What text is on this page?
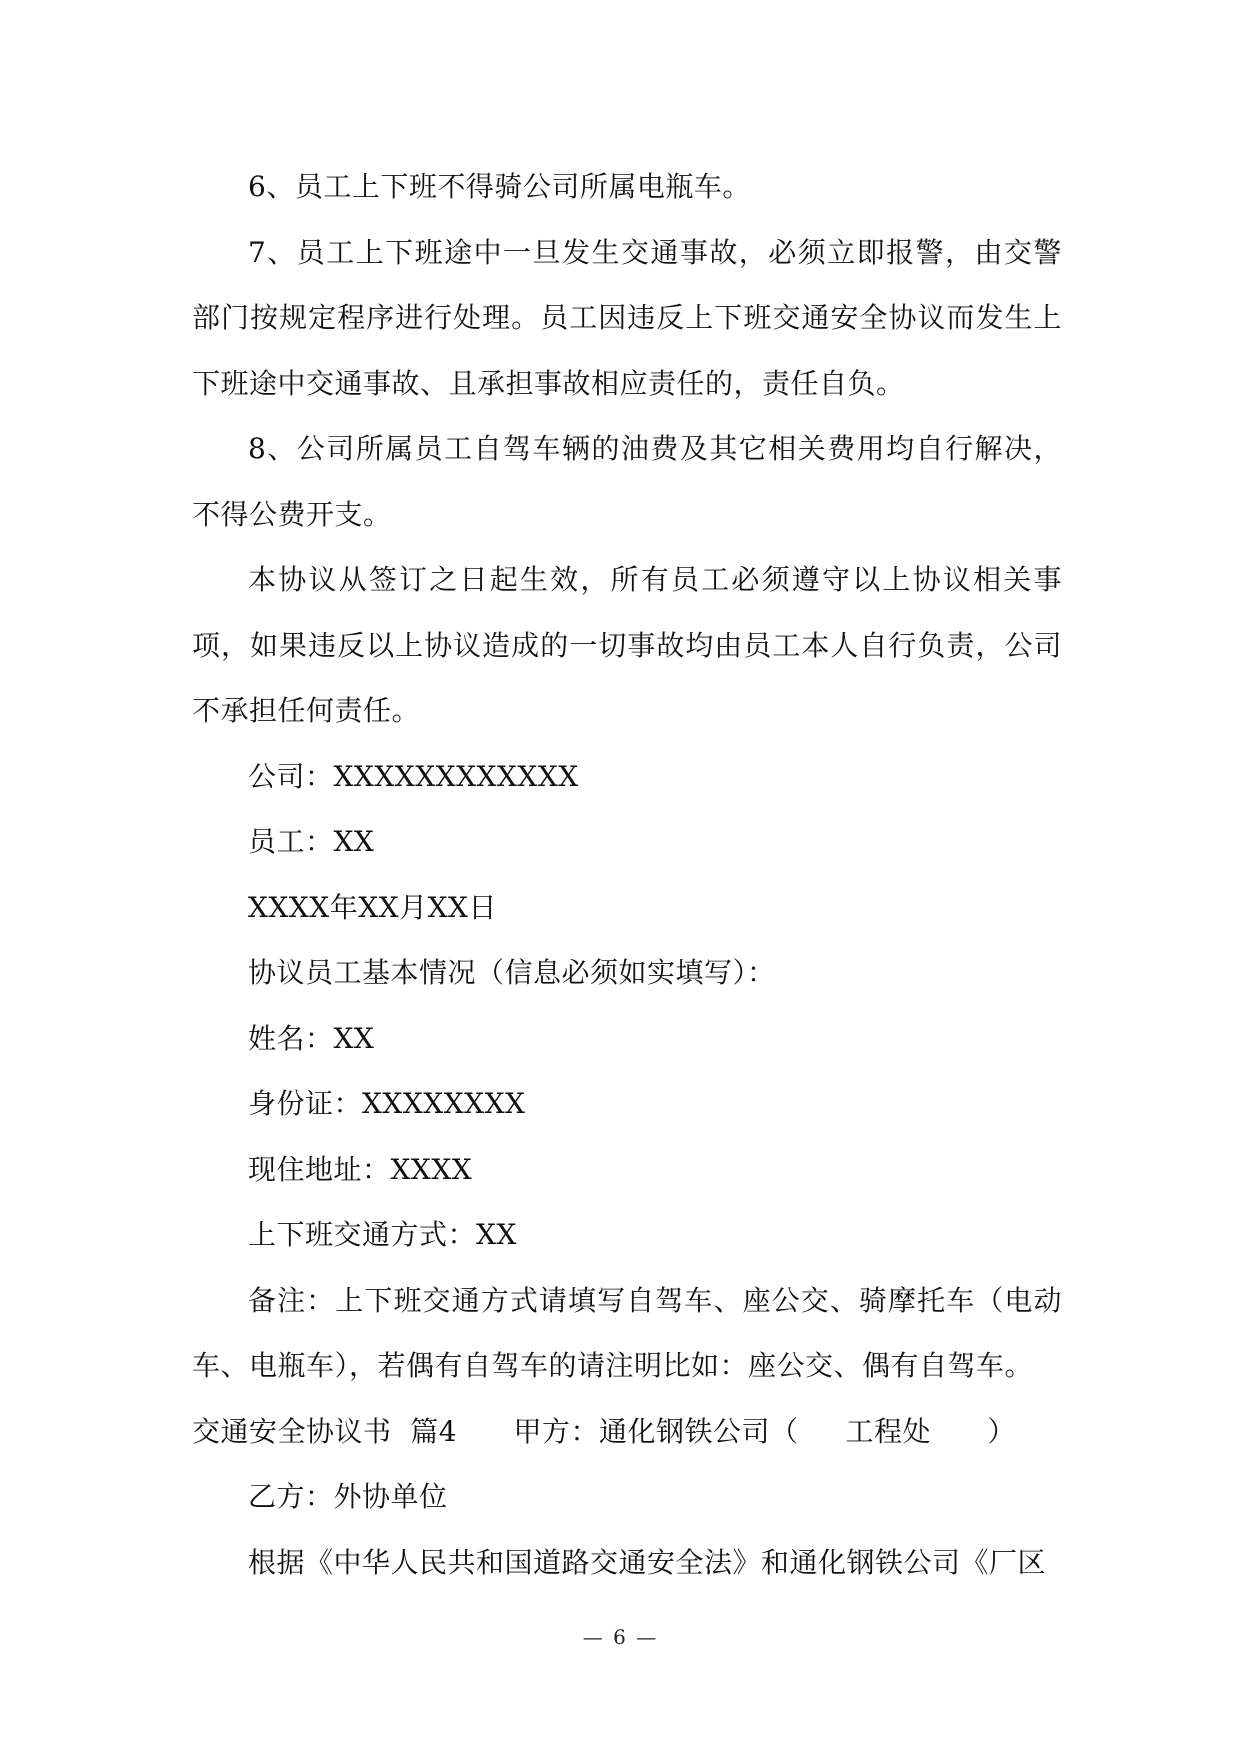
6、员工上下班不得骑公司所属电瓶车。

7、员工上下班途中一旦发生交通事故，必须立即报警，由交警部门按规定程序进行处理。员工因违反上下班交通安全协议而发生上下班途中交通事故、且承担事故相应责任的，责任自负。

8、公司所属员工自驾车辆的油费及其它相关费用均自行解决，不得公费开支。

本协议从签订之日起生效，所有员工必须遵守以上协议相关事项，如果违反以上协议造成的一切事故均由员工本人自行负责，公司不承担任何责任。

公司：XXXXXXXXXXXX

员工：XX

XXXX年XX月XX日

协议员工基本情况（信息必须如实填写）：

姓名：XX

身份证：XXXXXXXX

现住地址：XXXX

上下班交通方式：XX

备注：上下班交通方式请填写自驾车、座公交、骑摩托车（电动车、电瓶车），若偶有自驾车的请注明比如：座公交、偶有自驾车。

交通安全协议书  篇4 甲方：通化钢铁公司（     工程处      ）

乙方：外协单位

根据《中华人民共和国道路交通安全法》和通化钢铁公司《厂区

— 6 —
